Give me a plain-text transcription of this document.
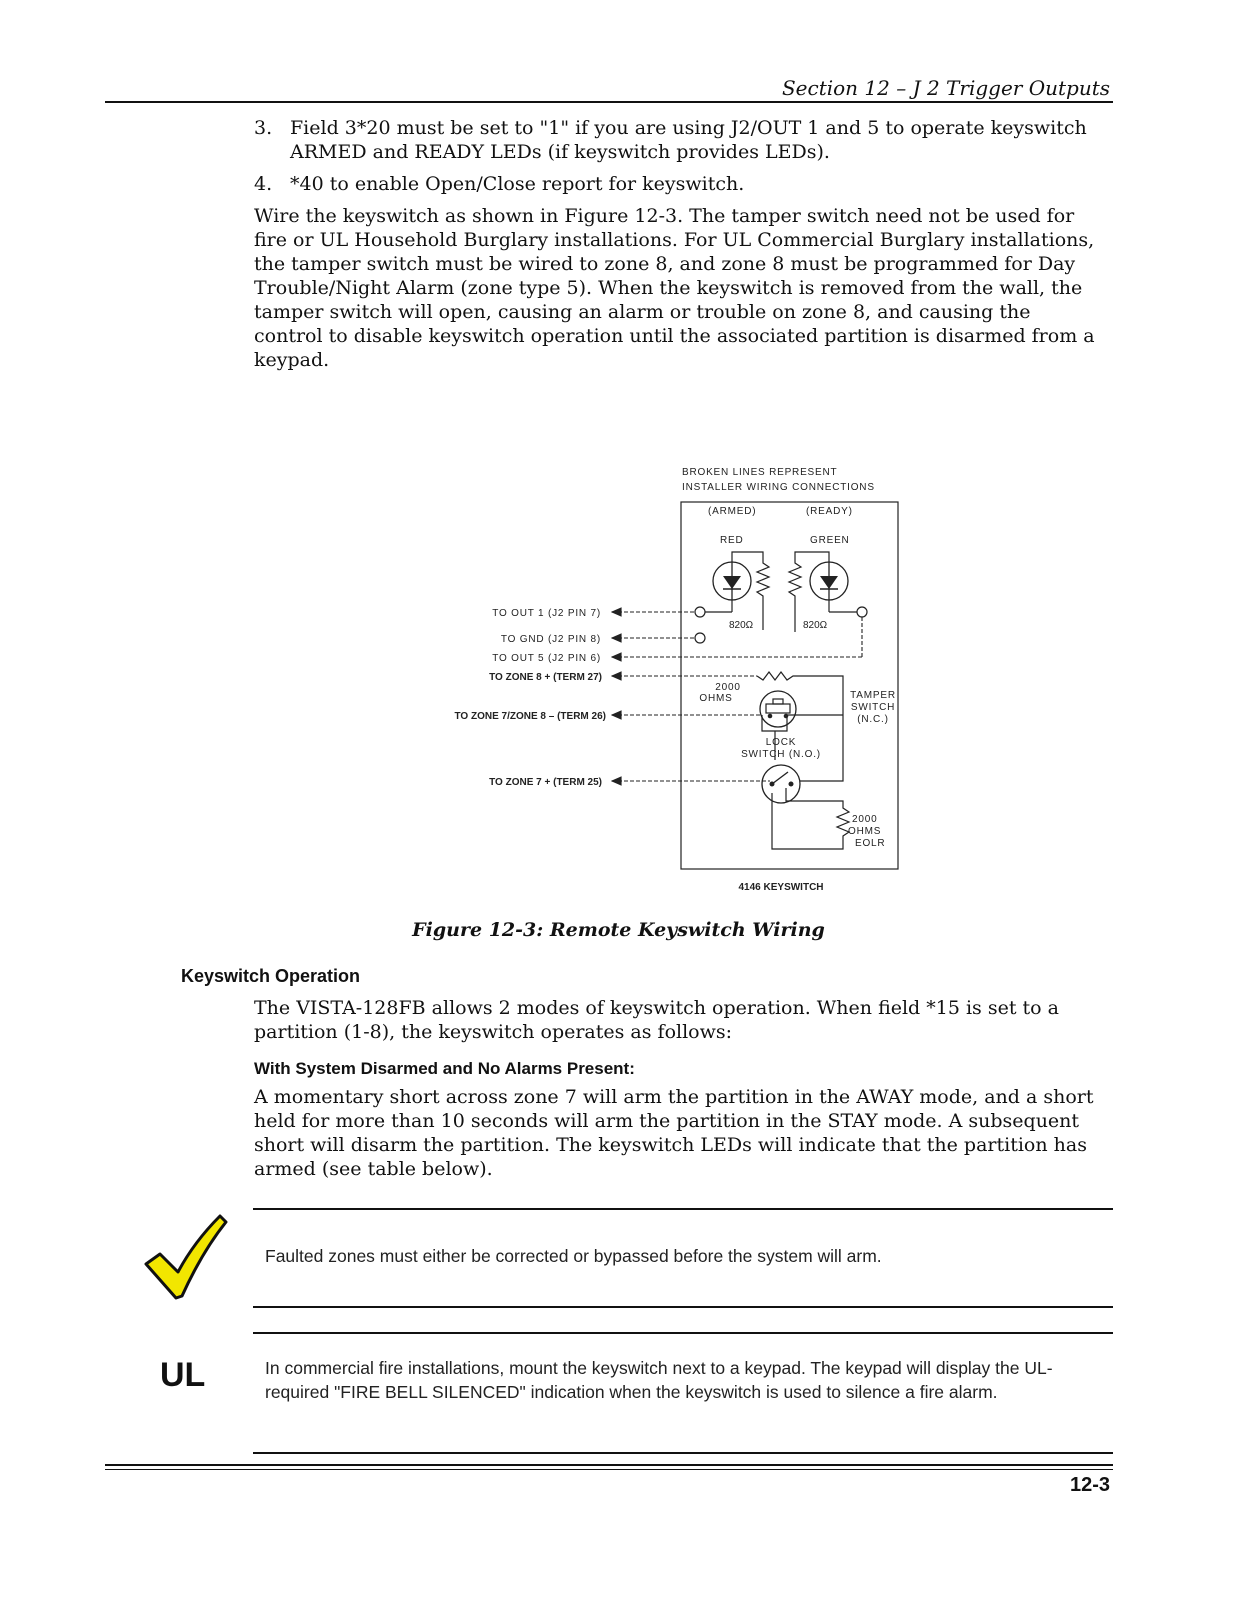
Section 12 – J 2 Trigger Outputs
3. Field 3*20 must be set to "1" if you are using J2/OUT 1 and 5 to operate keyswitch ARMED and READY LEDs (if keyswitch provides LEDs).
4. *40 to enable Open/Close report for keyswitch.
Wire the keyswitch as shown in Figure 12-3. The tamper switch need not be used for fire or UL Household Burglary installations. For UL Commercial Burglary installations, the tamper switch must be wired to zone 8, and zone 8 must be programmed for Day Trouble/Night Alarm (zone type 5). When the keyswitch is removed from the wall, the tamper switch will open, causing an alarm or trouble on zone 8, and causing the control to disable keyswitch operation until the associated partition is disarmed from a keypad.
BROKEN LINES REPRESENT
INSTALLER WIRING CONNECTIONS
(ARMED)	(READY)
RED	GREEN
820Ω	820Ω
TO OUT 1 (J2 PIN 7)
TO GND (J2 PIN 8)
TO OUT 5 (J2 PIN 6)
TO ZONE 8 + (TERM 27)
TO ZONE 7/ZONE 8 – (TERM 26)
TO ZONE 7 + (TERM 25)
2000
OHMS	TAMPER
SWITCH
(N.C.)
LOCK
SWITCH (N.O.)
2000
OHMS
EOLR
4146 KEYSWITCH
Figure 12-3: Remote Keyswitch Wiring
Keyswitch Operation
The VISTA-128FB allows 2 modes of keyswitch operation. When field *15 is set to a partition (1-8), the keyswitch operates as follows:
With System Disarmed and No Alarms Present:
A momentary short across zone 7 will arm the partition in the AWAY mode, and a short held for more than 10 seconds will arm the partition in the STAY mode. A subsequent short will disarm the partition. The keyswitch LEDs will indicate that the partition has armed (see table below).
Faulted zones must either be corrected or bypassed before the system will arm.
UL	In commercial fire installations, mount the keyswitch next to a keypad. The keypad will display the UL-required "FIRE BELL SILENCED" indication when the keyswitch is used to silence a fire alarm.
12-3
